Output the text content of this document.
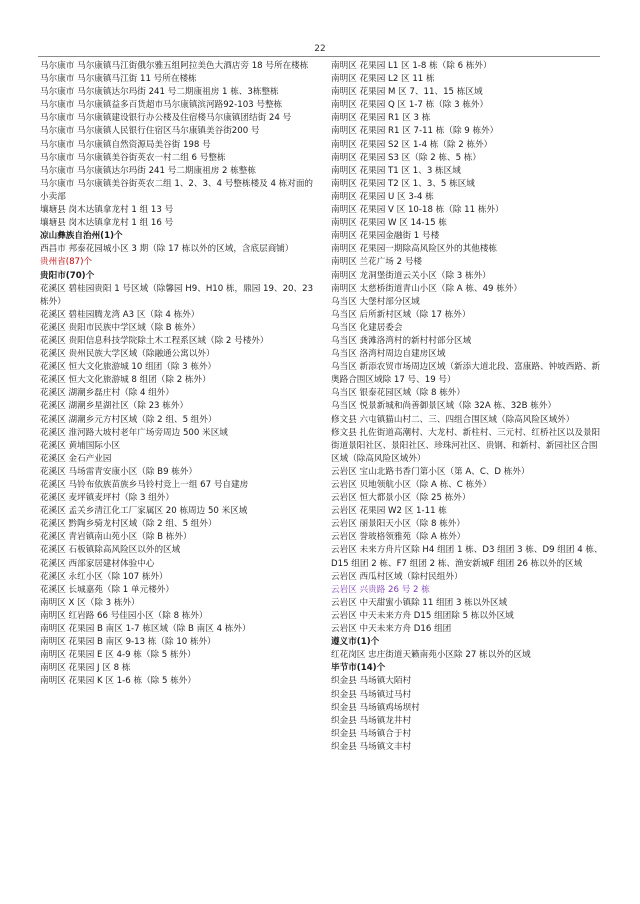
22
马尔康市 马尔康镇马江街俄尔雅五组阿拉美色大酒店旁 18 号所在楼栋
马尔康市 马尔康镇马江街 11 号所在楼栋
马尔康市 马尔康镇达尔玛街 241 号二期康祖房 1 栋、3栋整栋
马尔康市 马尔康镇益多百货超市马尔康镇滨河路92-103 号整栋
马尔康市 马尔康镇建设银行办公楼及住宿楼马尔康镇团结街 24 号
马尔康市 马尔康镇人民银行住宿区马尔康镇美谷街200 号
马尔康市 马尔康镇自然资源局美谷街 198 号
马尔康市 马尔康镇美谷街英农一村二组 6 号整栋
马尔康市 马尔康镇达尔玛街 241 号二期康祖房 2 栋整栋
马尔康市 马尔康镇美谷街英农二组 1、2、3、4 号整栋楼及 4 栋对面的小卖部
壤塘县 岗木达镇拿龙村 1 组 13 号
壤塘县 岗木达镇拿龙村 1 组 16 号
凉山彝族自治州(1)个
西昌市 邦泰花园城小区 3 期（除 17 栋以外的区域，含底层商铺）
贵州省(87)个
贵阳市(70)个
花溪区 碧桂园贵阳 1 号区域（除馨园 H9、H10 栋，鼎园 19、20、23 栋外）
花溪区 碧桂园腾龙湾 A3 区（除 4 栋外）
花溪区 贵阳市民族中学区域（除 B 栋外）
花溪区 贵阳信息科技学院除土木工程系区域（除 2 号楼外）
花溪区 贵州民族大学区域（除融通公寓以外）
花溪区 恒大文化旅游城 10 组团（除 3 栋外）
花溪区 恒大文化旅游城 8 组团（除 2 栋外）
花溪区 湖潮乡磊庄村（除 4 组外）
花溪区 湖潮乡星湖社区（除 23 栋外）
花溪区 湖潮乡元方村区域（除 2 组、5 组外）
花溪区 淮河路大坡村老年广场旁周边 500 米区域
花溪区 黄埔国际小区
花溪区 金石产业园
花溪区 马场雷青安康小区（除 B9 栋外）
花溪区 马铃布依族苗族乡马铃村竞上一组 67 号自建房
花溪区 麦坪镇麦坪村（除 3 组外）
花溪区 孟关乡清江化工厂家属区 20 栋周边 50 米区域
花溪区 黔陶乡骑龙村区域（除 2 组、5 组外）
花溪区 青岩镇南山苑小区（除 B 栋外）
花溪区 石板镇除高风险区以外的区域
花溪区 西部家居建材体验中心
花溪区 永红小区（除 107 栋外）
花溪区 长城嘉苑（除 1 单元楼外）
南明区 X 区（除 3 栋外）
南明区 红岩路 66 号佳园小区（除 8 栋外）
南明区 花果园 B 南区 1-7 栋区域（除 B 南区 4 栋外）
南明区 花果园 B 南区 9-13 栋（除 10 栋外）
南明区 花果园 E 区 4-9 栋（除 5 栋外）
南明区 花果园 J 区 8 栋
南明区 花果园 K 区 1-6 栋（除 5 栋外）
南明区 花果园 L1 区 1-8 栋（除 6 栋外）
南明区 花果园 L2 区 11 栋
南明区 花果园 M 区 7、11、15 栋区域
南明区 花果园 Q 区 1-7 栋（除 3 栋外）
南明区 花果园 R1 区 3 栋
南明区 花果园 R1 区 7-11 栋（除 9 栋外）
南明区 花果园 S2 区 1-4 栋（除 2 栋外）
南明区 花果园 S3 区（除 2 栋、5 栋）
南明区 花果园 T1 区 1、3 栋区域
南明区 花果园 T2 区 1、3、5 栋区域
南明区 花果园 U 区 3-4 栋
南明区 花果园 V 区 10-18 栋（除 11 栋外）
南明区 花果园 W 区 14-15 栋
南明区 花果园金融街 1 号楼
南明区 花果园一期除高风险区外的其他楼栋
南明区 兰花广场 2 号楼
南明区 龙洞堡街道云关小区（除 3 栋外）
南明区 太慈桥街道青山小区（除 A 栋、49 栋外）
乌当区 大堡村部分区域
乌当区 后所新村区域（除 17 栋外）
乌当区 化建居委会
乌当区 龚滩洛湾村的新村村部分区域
乌当区 洛湾村周边自建房区域
乌当区 新添农贸市场周边区域（新添大道北段、富康路、钟坡西路、新奥路合围区域除 17 号、19 号）
乌当区 银泰花园区域（除 8 栋外）
乌当区 悦景新城和尚善御景区域（除 32A 栋、32B 栋外）
修文县 六屯镇猫山村二、三、四组合围区域（除高风险区域外）
修文县 扎佐街道高潮村、大龙村、新柱村、三元村、红桥社区以及景阳街道景阳社区、景阳社区、珍珠河社区、贵钢、和新村、新园社区合围区域（除高风险区域外）
云岩区 宝山北路书香门第小区（第 A、C、D 栋外）
云岩区 贝地领航小区（除 A 栋、C 栋外）
云岩区 恒大都景小区（除 25 栋外）
云岩区 花果园 W2 区 1-11 栋
云岩区 丽景阳天小区（除 8 栋外）
云岩区 誉玻格领雅苑（除 A 栋外）
云岩区 未来方舟片区除 H4 组团 1 栋、D3 组团 3 栋、D9 组团 4 栋、D15 组团 2 栋、F7 组团 2 栋、渔安新城F 组团 26 栋以外的区域
云岩区 西瓜村区域（除村民组外）
云岩区 兴贵路 26 号 2 栋
云岩区 中天甜蜜小镇除 11 组团 3 栋以外区域
云岩区 中天未来方舟 D15 组团除 5 栋以外区域
云岩区 中天未来方舟 D16 组团
遵义市(1)个
红花岗区 忠庄街道天籁南苑小区除 27 栋以外的区域
毕节市(14)个
织金县 马场镇大陌村
织金县 马场镇过马村
织金县 马场镇鸡场坝村
织金县 马场镇龙井村
织金县 马场镇合于村
织金县 马场镇文丰村
